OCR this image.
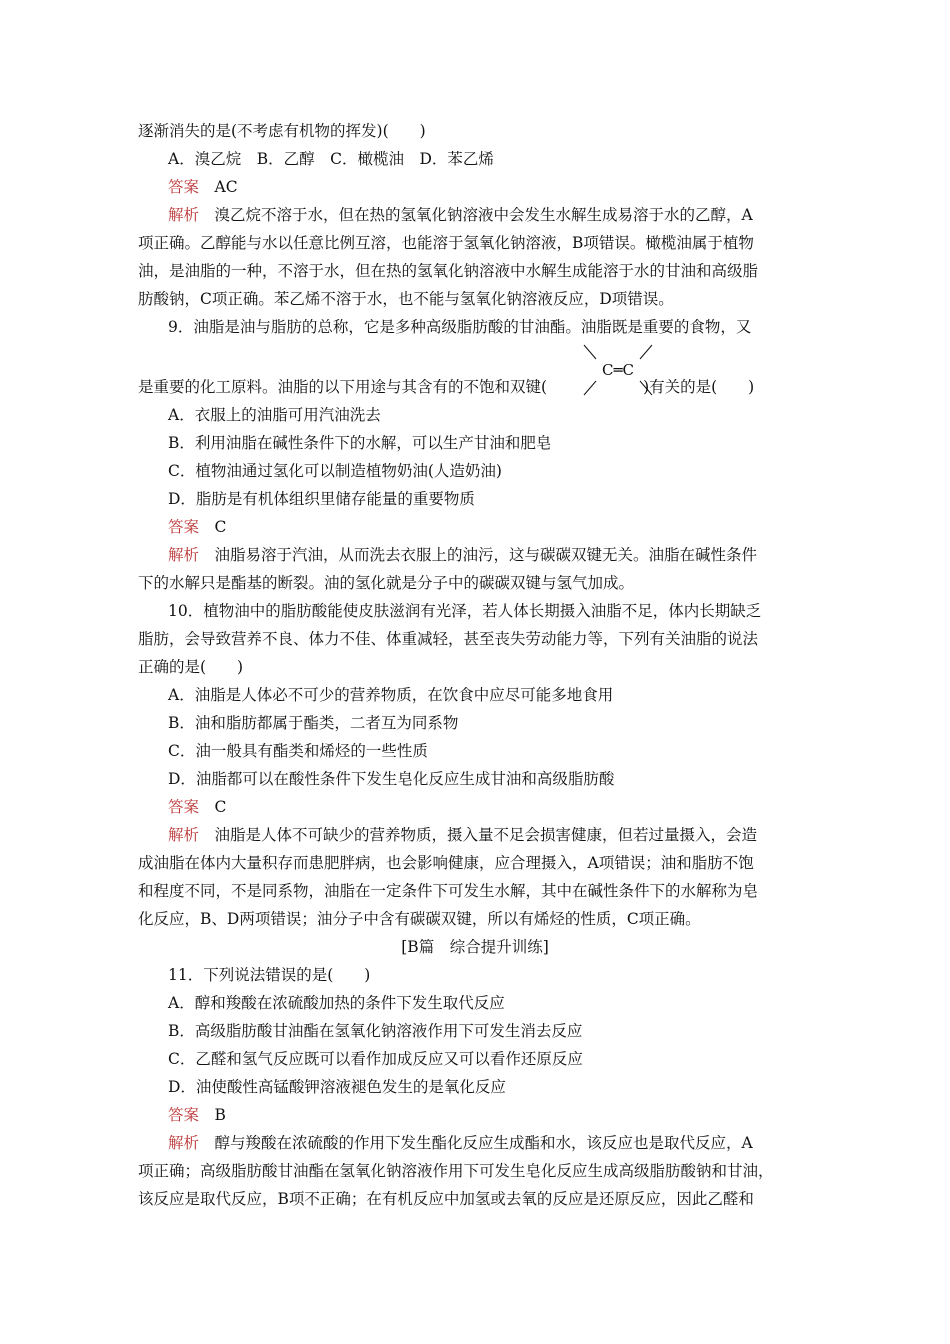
逐渐消失的是(不考虑有机物的挥发)(　　)
A．溴乙烷　B．乙醇　C．橄榄油　D．苯乙烯
答案　 AC
解析　 溴乙烷不溶于水，但在热的氢氧化钠溶液中会发生水解生成易溶于水的乙醇，A
项正确。乙醇能与水以任意比例互溶，也能溶于氢氧化钠溶液，B项错误。橄榄油属于植物
油，是油脂的一种，不溶于水，但在热的氢氧化钠溶液中水解生成能溶于水的甘油和高级脂
肪酸钠，C项正确。苯乙烯不溶于水，也不能与氢氧化钠溶液反应，D项错误。
9．油脂是油与脂肪的总称，它是多种高级脂肪酸的甘油酯。油脂既是重要的食物，又
是重要的化工原料。油脂的以下用途与其含有的不饱和双键(	)有关的是(　　)
C═C
A．衣服上的油脂可用汽油洗去
B．利用油脂在碱性条件下的水解，可以生产甘油和肥皂
C．植物油通过氢化可以制造植物奶油(人造奶油)
D．脂肪是有机体组织里储存能量的重要物质
答案　 C
解析　 油脂易溶于汽油，从而洗去衣服上的油污，这与碳碳双键无关。油脂在碱性条件
下的水解只是酯基的断裂。油的氢化就是分子中的碳碳双键与氢气加成。
10．植物油中的脂肪酸能使皮肤滋润有光泽，若人体长期摄入油脂不足，体内长期缺乏
脂肪，会导致营养不良、体力不佳、体重减轻，甚至丧失劳动能力等，下列有关油脂的说法
正确的是(　　)
A．油脂是人体必不可少的营养物质，在饮食中应尽可能多地食用
B．油和脂肪都属于酯类，二者互为同系物
C．油一般具有酯类和烯烃的一些性质
D．油脂都可以在酸性条件下发生皂化反应生成甘油和高级脂肪酸
答案　 C
解析　 油脂是人体不可缺少的营养物质，摄入量不足会损害健康，但若过量摄入，会造
成油脂在体内大量积存而患肥胖病，也会影响健康，应合理摄入，A项错误；油和脂肪不饱
和程度不同，不是同系物，油脂在一定条件下可发生水解，其中在碱性条件下的水解称为皂
化反应，B、D两项错误；油分子中含有碳碳双键，所以有烯烃的性质，C项正确。
[B篇　综合提升训练]
11．下列说法错误的是(　　)
A．醇和羧酸在浓硫酸加热的条件下发生取代反应
B．高级脂肪酸甘油酯在氢氧化钠溶液作用下可发生消去反应
C．乙醛和氢气反应既可以看作加成反应又可以看作还原反应
D．油使酸性高锰酸钾溶液褪色发生的是氧化反应
答案　 B
解析　 醇与羧酸在浓硫酸的作用下发生酯化反应生成酯和水，该反应也是取代反应，A
项正确；高级脂肪酸甘油酯在氢氧化钠溶液作用下可发生皂化反应生成高级脂肪酸钠和甘油，
该反应是取代反应，B项不正确；在有机反应中加氢或去氧的反应是还原反应，因此乙醛和
